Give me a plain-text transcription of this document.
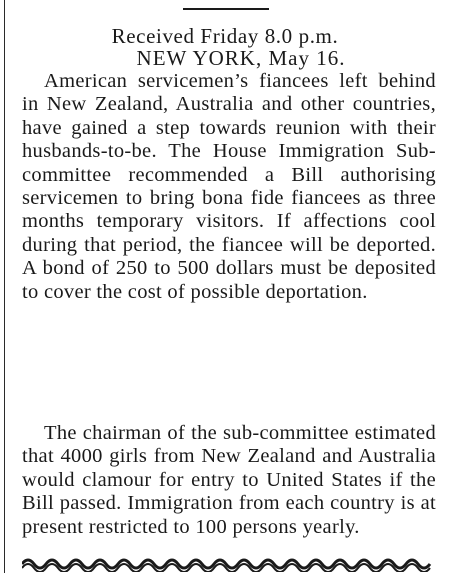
Received Friday 8.0 p.m.
NEW YORK, May 16.

American servicemen’s fiancees left behind in New Zealand, Australia and other countries, have gained a step towards reunion with their husbands-to-be. The House Immigration Sub-committee recommended a Bill authorising servicemen to bring bona fide fiancees as three months temporary visitors. If affections cool during that period, the fiancee will be deported. A bond of 250 to 500 dollars must be deposited to cover the cost of possible deportation.

The chairman of the sub-committee estimated that 4000 girls from New Zealand and Australia would clamour for entry to United States if the Bill passed. Immigration from each country is at present restricted to 100 persons yearly.
